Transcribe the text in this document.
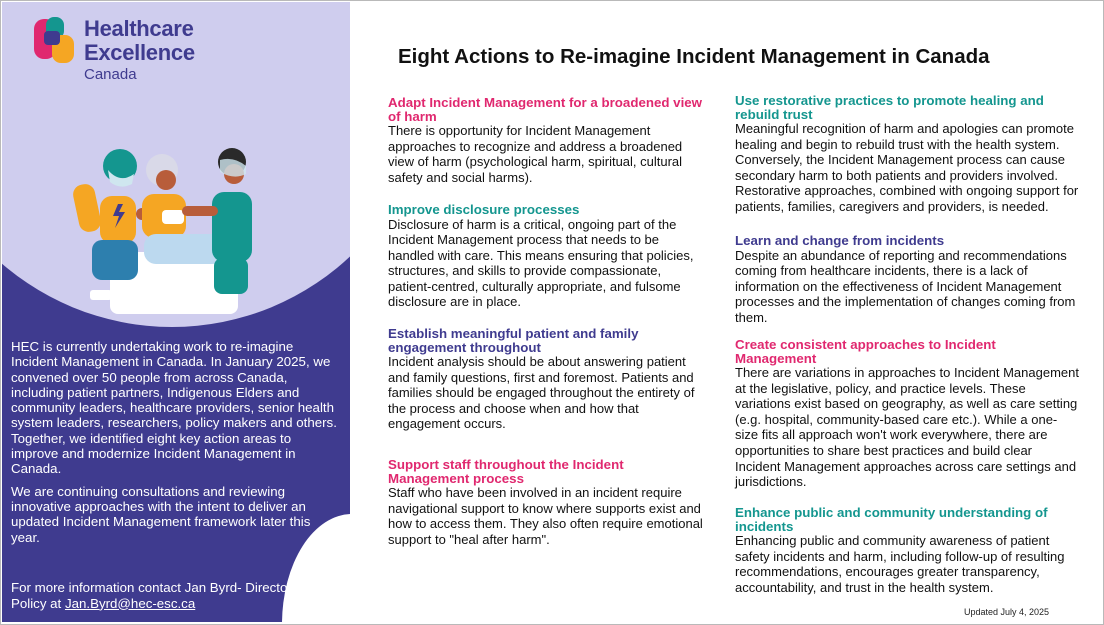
Healthcare
Excellence
Canada

HEC is currently undertaking work to re-imagine Incident Management in Canada. In January 2025, we convened over 50 people from across Canada, including patient partners, Indigenous Elders and community leaders, healthcare providers, senior health system leaders, researchers, policy makers and others. Together, we identified eight key action areas to improve and modernize Incident Management in Canada.

We are continuing consultations and reviewing innovative approaches with the intent to deliver an updated Incident Management framework later this year.

For more information contact Jan Byrd- Director, Health Policy at Jan.Byrd@hec-esc.ca
Eight Actions to Re-imagine Incident Management in Canada
Adapt Incident Management for a broadened view of harm

There is opportunity for Incident Management approaches to recognize and address a broadened view of harm (psychological harm, spiritual, cultural safety and social harms).

Improve disclosure processes

Disclosure of harm is a critical, ongoing part of the Incident Management process that needs to be handled with care. This means ensuring that policies, structures, and skills to provide compassionate, patient-centred, culturally appropriate, and fulsome disclosure are in place.

Establish meaningful patient and family engagement throughout

Incident analysis should be about answering patient and family questions, first and foremost. Patients and families should be engaged throughout the entirety of the process and choose when and how that engagement occurs.

Support staff throughout the Incident Management process

Staff who have been involved in an incident require navigational support to know where supports exist and how to access them. They also often require emotional support to "heal after harm".

Use restorative practices to promote healing and rebuild trust

Meaningful recognition of harm and apologies can promote healing and begin to rebuild trust with the health system. Conversely, the Incident Management process can cause secondary harm to both patients and providers involved. Restorative approaches, combined with ongoing support for patients, families, caregivers and providers, is needed.

Learn and change from incidents

Despite an abundance of reporting and recommendations coming from healthcare incidents, there is a lack of information on the effectiveness of Incident Management processes and the implementation of changes coming from them.

Create consistent approaches to Incident Management

There are variations in approaches to Incident Management at the legislative, policy, and practice levels. These variations exist based on geography, as well as care setting (e.g. hospital, community-based care etc.). While a one-size fits all approach won't work everywhere, there are opportunities to share best practices and build clear Incident Management approaches across care settings and jurisdictions.

Enhance public and community understanding of incidents

Enhancing public and community awareness of patient safety incidents and harm, including follow-up of resulting recommendations, encourages greater transparency, accountability, and trust in the health system.

Updated July 4, 2025
